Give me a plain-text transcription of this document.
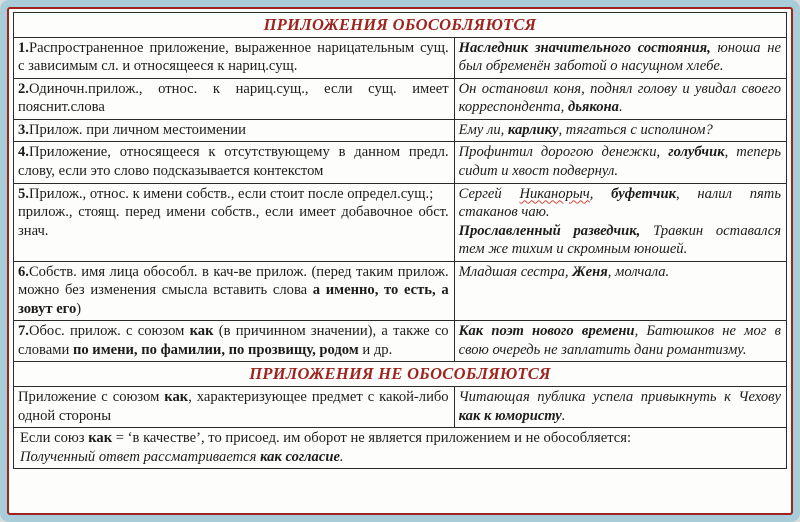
ПРИЛОЖЕНИЯ ОБОСОБЛЯЮТСЯ	
1.Распространенное приложение, выраженное нарицательным сущ. с зависимым сл. и относящееся к нариц.сущ.	Наследник значительного состояния, юноша не был обременён заботой о насущном хлебе.
2.Одиночн.прилож., относ. к нариц.сущ., если сущ. имеет пояснит.слова	Он остановил коня, поднял голову и увидал своего корреспондента, дьякона.
3.Прилож. при личном местоимении	Ему ли, карлику, тягаться с исполином?
4.Приложение, относящееся к отсутствующему в данном предл. слову, если это слово подсказывается контекстом	Профинтил дорогою денежки, голубчик, теперь сидит и хвост подвернул.
5.Прилож., относ. к имени собств., если стоит после определ.сущ.;
прилож., стоящ. перед имени собств., если имеет добавочное обст. знач.	Сергей Никанорыч, буфетчик, налил пять стаканов чаю.
Прославленный разведчик, Травкин оставался тем же тихим и скромным юношей.
6.Собств. имя лица обособл. в кач-ве прилож. (перед таким прилож. можно без изменения смысла вставить слова а именно, то есть, а зовут его)	Младшая сестра, Женя, молчала.
7.Обос. прилож. с союзом как (в причинном значении), а также со словами по имени, по фамилии, по прозвищу, родом и др.	Как поэт нового времени, Батюшков не мог в свою очередь не заплатить дани романтизму.
ПРИЛОЖЕНИЯ НЕ ОБОСОБЛЯЮТСЯ	
Приложение с союзом как, характеризующее предмет с какой-либо одной стороны	Читающая публика успела привыкнуть к Чехову как к юмористу.
Если союз как = ‘в качестве’, то присоед. им оборот не является приложением и не обособляется:
Полученный ответ рассматривается как согласие.	
